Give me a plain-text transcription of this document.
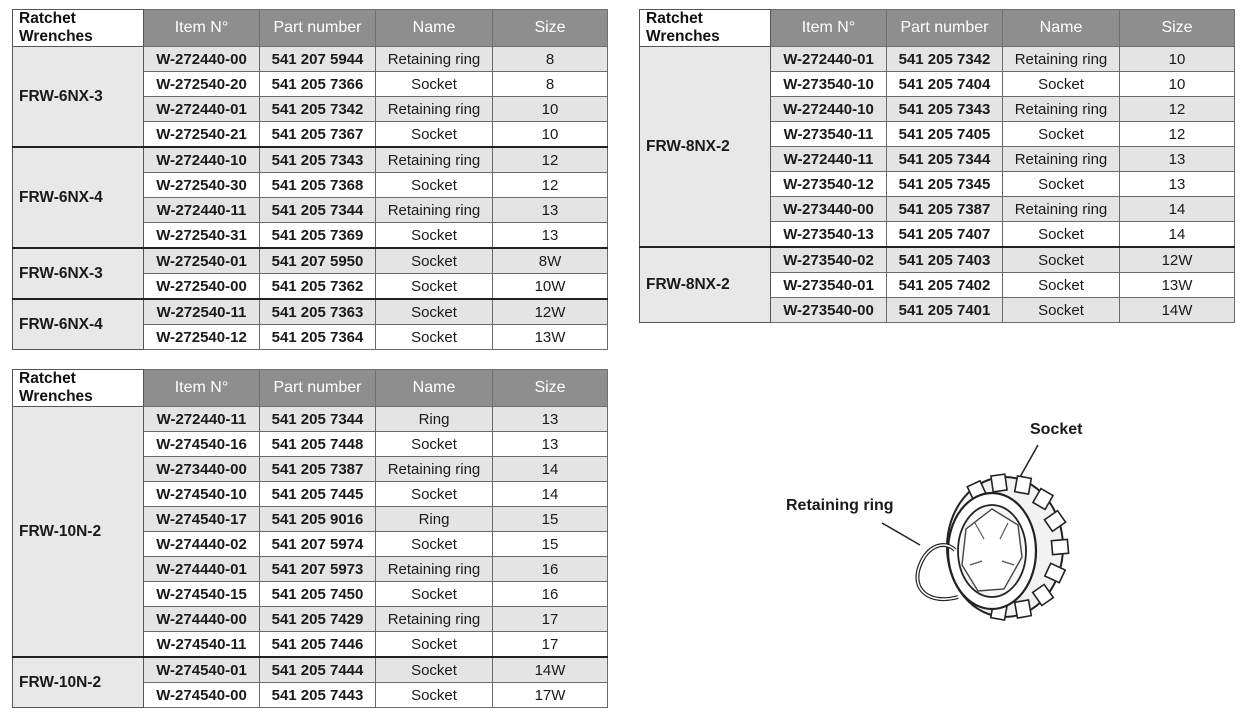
Ratchet Wrenches	Item N°	Part number	Name	Size
FRW-6NX-3	W-272440-00	541 207 5944	Retaining ring	8
	W-272540-20	541 205 7366	Socket	8
	W-272440-01	541 205 7342	Retaining ring	10
	W-272540-21	541 205 7367	Socket	10
FRW-6NX-4	W-272440-10	541 205 7343	Retaining ring	12
	W-272540-30	541 205 7368	Socket	12
	W-272440-11	541 205 7344	Retaining ring	13
	W-272540-31	541 205 7369	Socket	13
FRW-6NX-3	W-272540-01	541 207 5950	Socket	8W
	W-272540-00	541 205 7362	Socket	10W
FRW-6NX-4	W-272540-11	541 205 7363	Socket	12W
	W-272540-12	541 205 7364	Socket	13W
Ratchet Wrenches	Item N°	Part number	Name	Size
FRW-8NX-2	W-272440-01	541 205 7342	Retaining ring	10
	W-273540-10	541 205 7404	Socket	10
	W-272440-10	541 205 7343	Retaining ring	12
	W-273540-11	541 205 7405	Socket	12
	W-272440-11	541 205 7344	Retaining ring	13
	W-273540-12	541 205 7345	Socket	13
	W-273440-00	541 205 7387	Retaining ring	14
	W-273540-13	541 205 7407	Socket	14
FRW-8NX-2	W-273540-02	541 205 7403	Socket	12W
	W-273540-01	541 205 7402	Socket	13W
	W-273540-00	541 205 7401	Socket	14W
Ratchet Wrenches	Item N°	Part number	Name	Size
FRW-10N-2	W-272440-11	541 205 7344	Ring	13
	W-274540-16	541 205 7448	Socket	13
	W-273440-00	541 205 7387	Retaining ring	14
	W-274540-10	541 205 7445	Socket	14
	W-274540-17	541 205 9016	Ring	15
	W-274440-02	541 207 5974	Socket	15
	W-274440-01	541 207 5973	Retaining ring	16
	W-274540-15	541 205 7450	Socket	16
	W-274440-00	541 205 7429	Retaining ring	17
	W-274540-11	541 205 7446	Socket	17
FRW-10N-2	W-274540-01	541 205 7444	Socket	14W
	W-274540-00	541 205 7443	Socket	17W
Socket
Retaining ring
